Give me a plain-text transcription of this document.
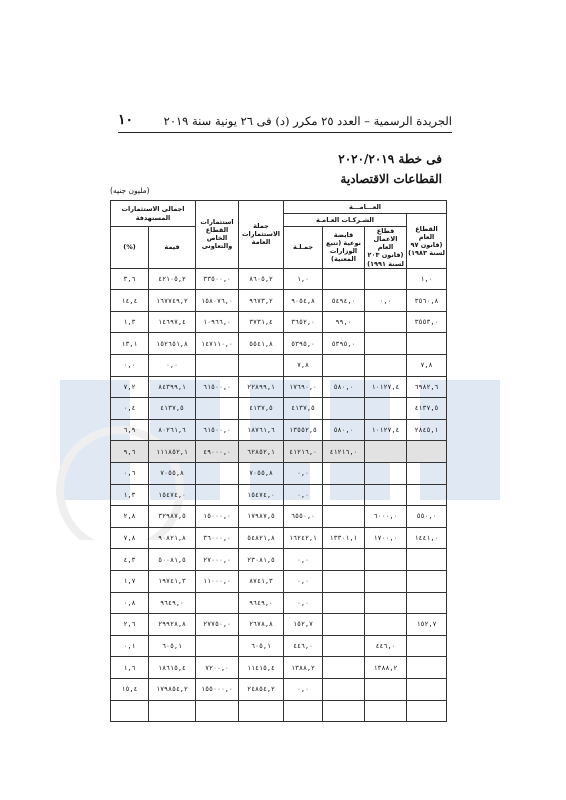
الجريدة الرسمية – العدد ٢٥ مكرر (د) فى ٢٦ يونية سنة ٢٠١٩
١٠
فى خطة ٢٠٢٠/٢٠١٩
القطاعات الاقتصادية
(مليون جنيه)
اجمالى الاستثمارات المستهدفة		استثمارات القطاع الخاص والتعاونى	جملة الاستثمارات العامة	العـــامـــة			
				الشـركـات العـامـة			القطاع العام (قانون ٩٧ لسنة ١٩٨٣)
(%)	قيمة			جمـلـة	قابضة نوعية (تتبع الوزارات المعنية)	قطاع الاعمال العام (قانون ٢٠٣ لسنة ١٩٩١)	
٣,٦	٤٢١٠٥,٢	٣٣٥٠٠,٠	٨٦٠٥,٢	١,٠			١,٠
١٤,٤	١٦٧٧٤٩,٢	١٥٨٠٧٦,٠	٩٦٧٣,٢	٩٠٥٤,٨	٥٤٩٤,٠	٠,٠	٣٥٦٠,٨
١,٣	١٤٦٩٧,٤	١٠٩٦٦,٠	٣٧٣١,٤	٣٦٥٢,٠	٩٩,٠		٣٥٥٣,٠
١٣,١	١٥٢٦٥١,٨	١٤٧١١٠,٠	٥٥٤١,٨	٥٣٩٥,٠	٥٣٩٥,٠		
٠,٠	٠,٠			٧,٨			٧,٨
٧,٢	٨٤٣٩٩,١	٦١٥٠٠,٠	٢٢٨٩٩,١	١٧٦٩٠,٠	٥٨٠,٠	١٠١٢٧,٤	٦٩٨٢,٦
٠,٤	٤١٣٧,٥		٤١٣٧,٥	٤١٣٧,٥			٤١٣٧,٥
٦,٩	٨٠٢٦١,٦	٦١٥٠٠,٠	١٨٧٦١,٦	١٣٥٥٢,٥	٥٨٠,٠	١٠١٢٧,٤	٢٨٤٥,١
٩,٦	١١١٨٥٢,١	٤٩٠٠٠,٠	٦٢٨٥٢,١	٤١٢١٦,٠	٤١٢١٦,٠		
٠,٦	٧٠٥٥,٨		٧٠٥٥,٨	٠,٠			
١,٣	١٥٤٧٤,٠		١٥٤٧٤,٠	٠,٠			
٢,٨	٣٢٩٨٧,٥	١٥٠٠٠,٠	١٧٩٨٧,٥	٦٥٥٠,٠		٦٠٠٠,٠	٥٥٠,٠
٧,٨	٩٠٨٢١,٨	٣٦٠٠٠,٠	٥٤٨٢١,٨	١٦٢٤٢,١	١٣٣٠١,١	١٧٠٠,٠	١٤٤١,٠
٤,٣	٥٠٠٨١,٥	٢٧٠٠٠,٠	٢٣٠٨١,٥	٠,٠			
١,٧	١٩٧٤١,٣	١١٠٠٠,٠	٨٧٤١,٣	٠,٠			
٠,٨	٩٦٤٩,٠		٩٦٤٩,٠	٠,٠			
٢,٦	٢٩٩٢٨,٨	٢٧٧٥٠,٠	٢٦٧٨,٨	١٥٢,٧			١٥٢,٧
٠,١	٦٠٥,١		٦٠٥,١	٤٤٦,٠		٤٤٦,٠	
١,٦	١٨٦١٥,٤	٧٢٠٠,٠	١١٤١٥,٤	١٣٨٨,٢		١٣٨٨,٢	
١٥,٤	١٧٩٨٥٤,٢	١٥٥٠٠٠,٠	٢٤٨٥٤,٢	٠,٠			
